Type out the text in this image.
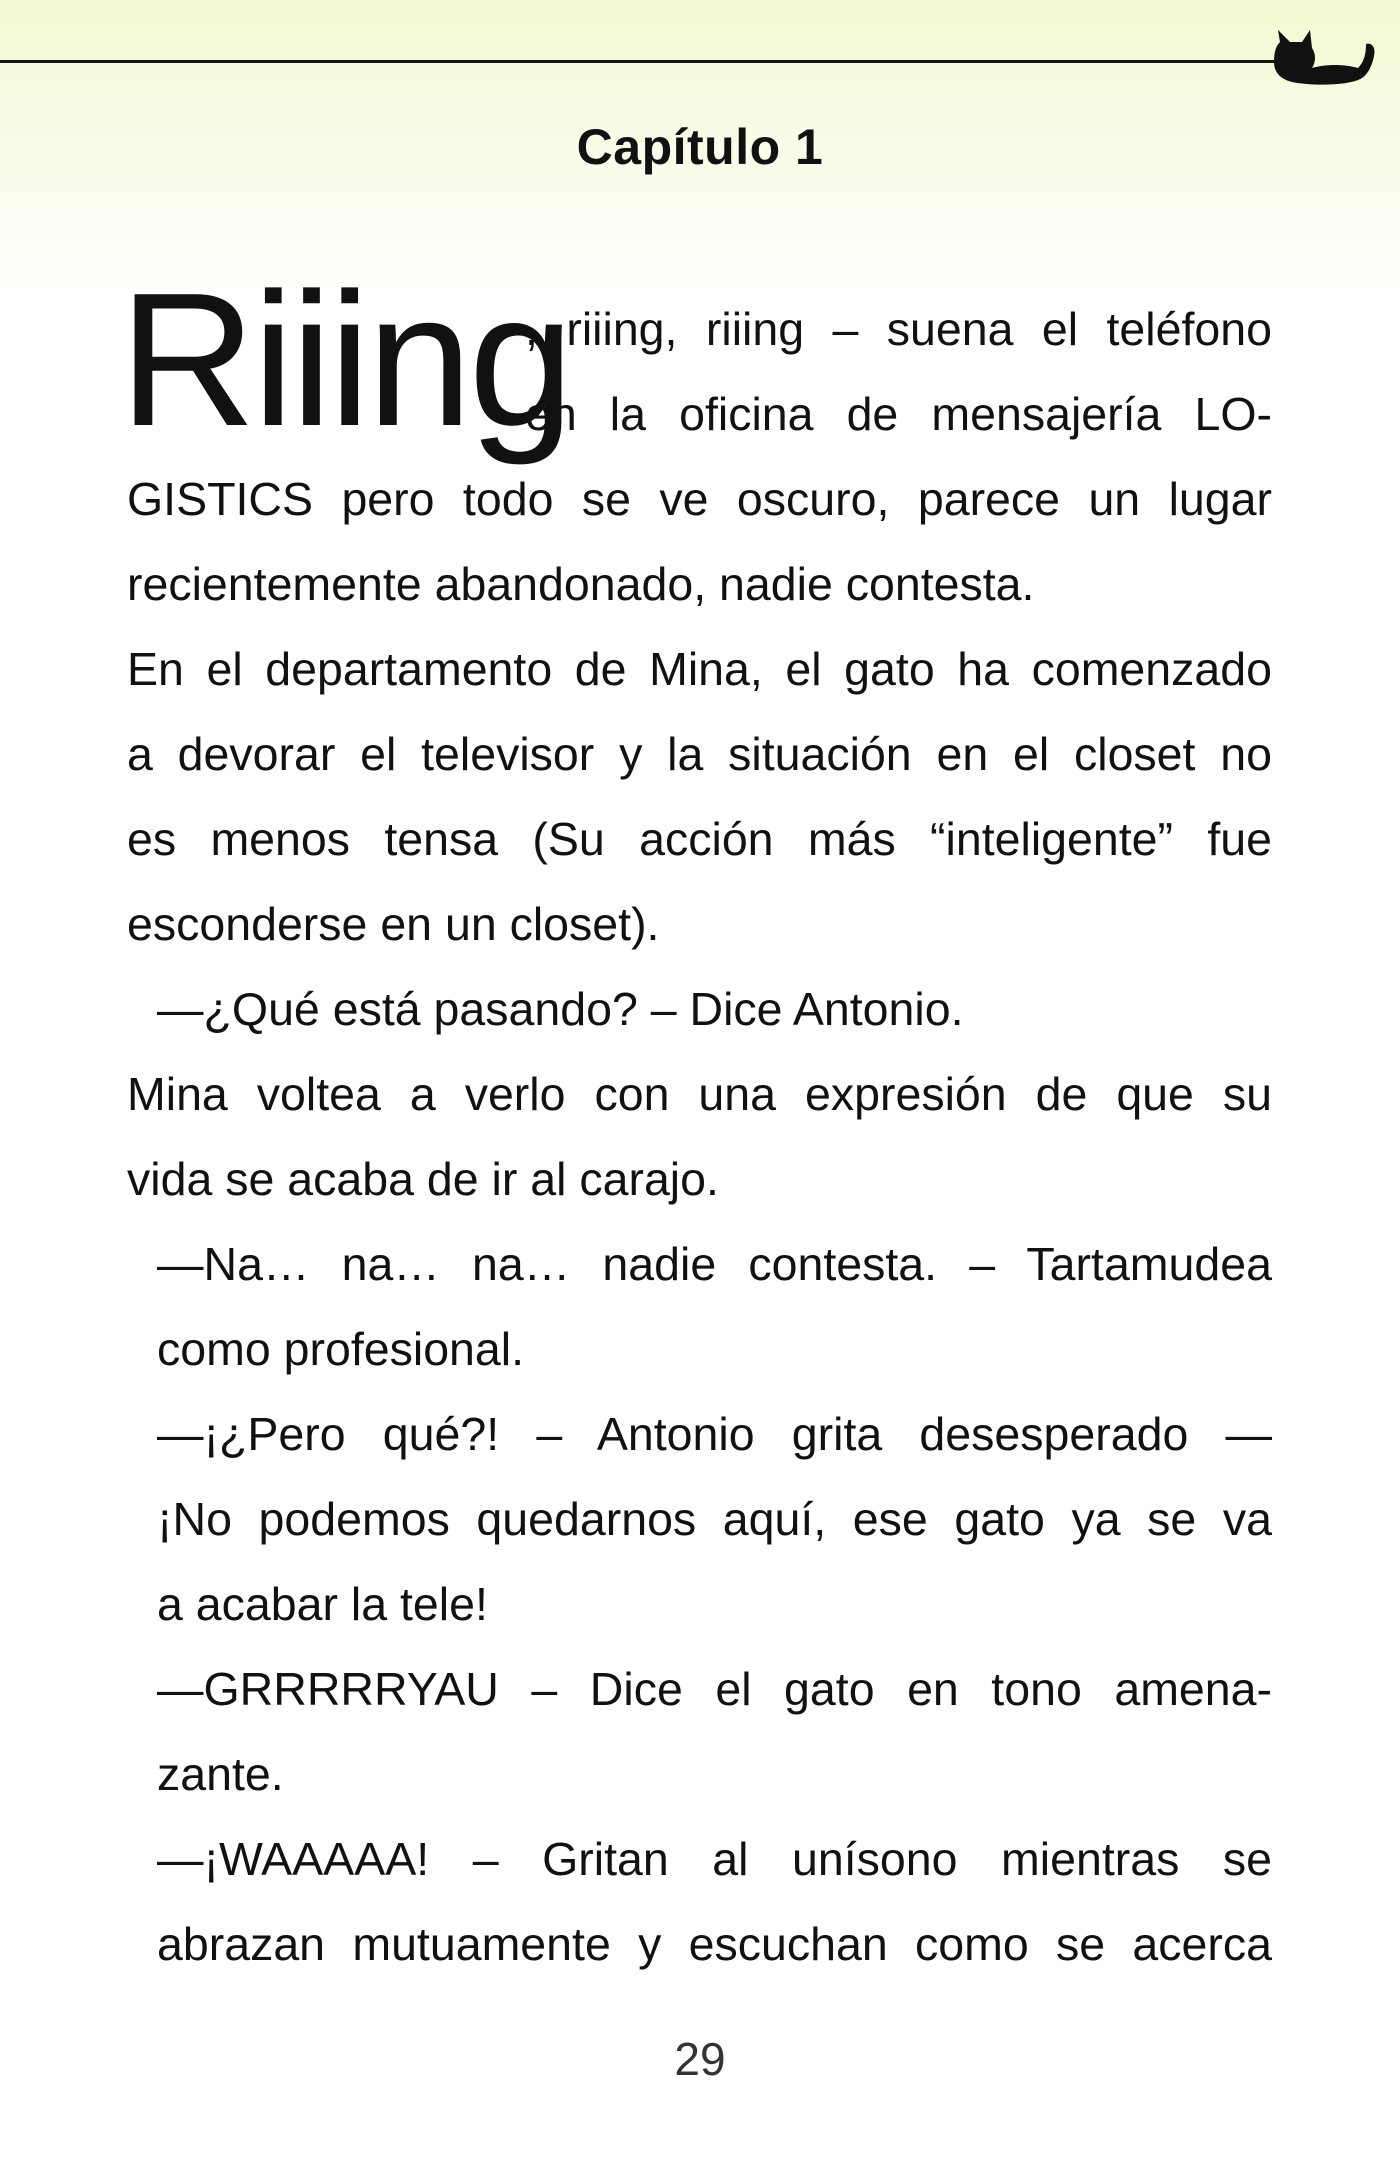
Capítulo 1
Riiing
, riiing, riiing – suena el teléfono
en la oficina de mensajería LO-
GISTICS pero todo se ve oscuro, parece un lugar
recientemente abandonado, nadie contesta.
En el departamento de Mina, el gato ha comenzado
a devorar el televisor y la situación en el closet no
es menos tensa (Su acción más “inteligente” fue
esconderse en un closet).
—¿Qué está pasando? – Dice Antonio.
Mina voltea a verlo con una expresión de que su
vida se acaba de ir al carajo.
—Na… na… na… nadie contesta. – Tartamudea
como profesional.
—¡¿Pero qué?! – Antonio grita desesperado —
¡No podemos quedarnos aquí, ese gato ya se va
a acabar la tele!
—GRRRRRYAU – Dice el gato en tono amena-
zante.
—¡WAAAAA! – Gritan al unísono mientras se
abrazan mutuamente y escuchan como se acerca
29
